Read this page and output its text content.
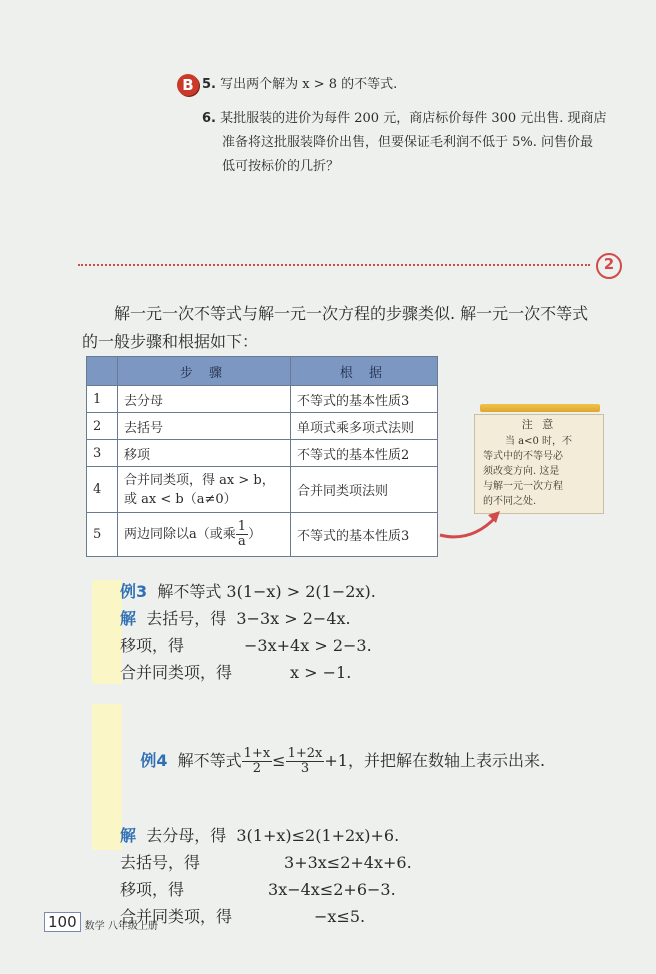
B 5. 写出两个解为 x > 8 的不等式.
6. 某批服装的进价为每件 200 元，商店标价每件 300 元出售. 现商店
准备将这批服装降价出售，但要保证毛利润不低于 5%. 问售价最
低可按标价的几折？
2
解一元一次不等式与解一元一次方程的步骤类似. 解一元一次不等式
的一般步骤和根据如下：
	步 骤	根 据
1	去分母	不等式的基本性质3
2	去括号	单项式乘多项式法则
3	移项	不等式的基本性质2
4	合并同类项，得 ax > b，
或 ax < b（a≠0）	合并同类项法则
5	两边同除以a（或乘 $\frac{1}{a}$）	不等式的基本性质3
注 意
当 a<0 时，不
等式中的不等号必
须改变方向. 这是
与解一元一次方程
的不同之处.
例3 解不等式 3(1−x) > 2(1−2x).
解 去括号，得  3−3x > 2−4x.
移项，得	−3x+4x > 2−3.
合并同类项，得	x > −1.

例4 解不等式 $\frac{1+x}{2}\le \frac{1+2x}{3}+1$，并把解在数轴上表示出来.

解 去分母，得  3(1+x)≤2(1+2x)+6.
去括号，得	3+3x≤2+4x+6.
移项，得	3x−4x≤2+6−3.
合并同类项，得	−x≤5.
100 数学 八年级上册
